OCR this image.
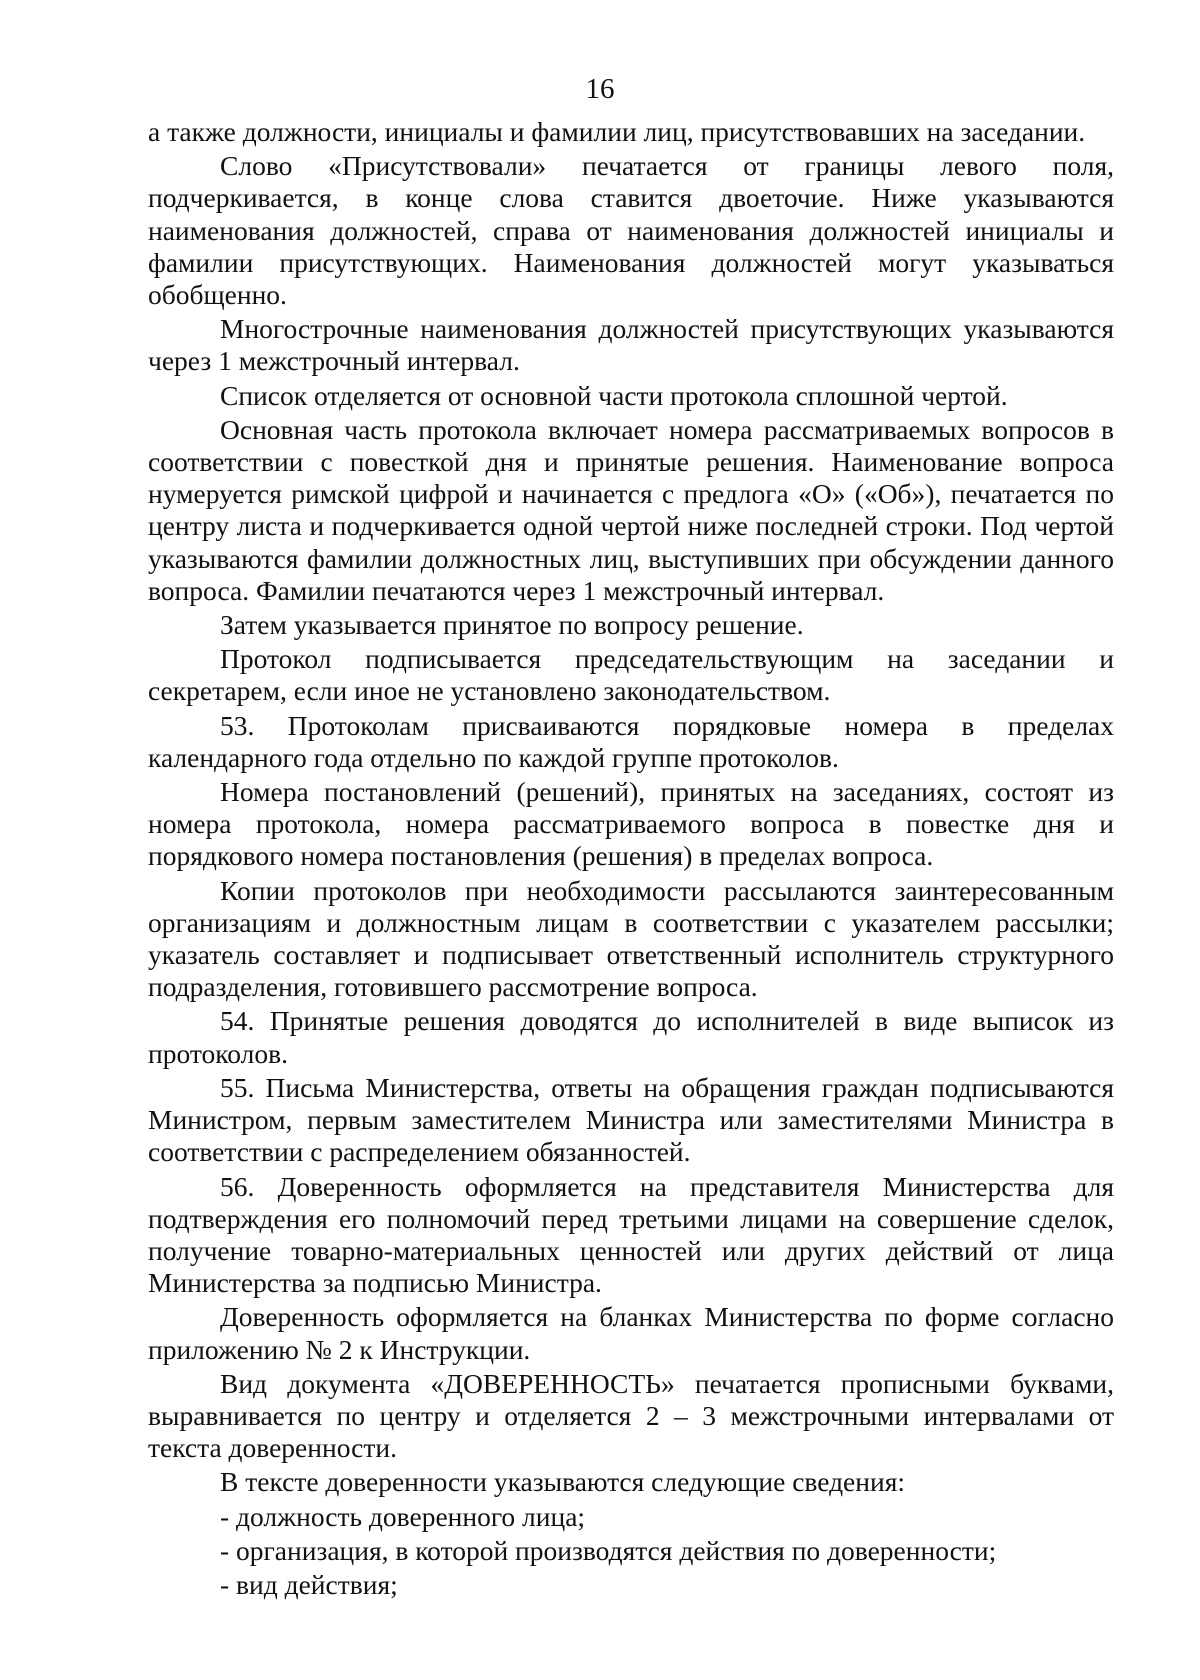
16

а также должности, инициалы и фамилии лиц, присутствовавших на заседании.

Слово «Присутствовали» печатается от границы левого поля, подчеркивается, в конце слова ставится двоеточие. Ниже указываются наименования должностей, справа от наименования должностей инициалы и фамилии присутствующих. Наименования должностей могут указываться обобщенно.

Многострочные наименования должностей присутствующих указываются через 1 межстрочный интервал.

Список отделяется от основной части протокола сплошной чертой.

Основная часть протокола включает номера рассматриваемых вопросов в соответствии с повесткой дня и принятые решения. Наименование вопроса нумеруется римской цифрой и начинается с предлога «О» («Об»), печатается по центру листа и подчеркивается одной чертой ниже последней строки. Под чертой указываются фамилии должностных лиц, выступивших при обсуждении данного вопроса. Фамилии печатаются через 1 межстрочный интервал.

Затем указывается принятое по вопросу решение.

Протокол подписывается председательствующим на заседании и секретарем, если иное не установлено законодательством.

53. Протоколам присваиваются порядковые номера в пределах календарного года отдельно по каждой группе протоколов.

Номера постановлений (решений), принятых на заседаниях, состоят из номера протокола, номера рассматриваемого вопроса в повестке дня и порядкового номера постановления (решения) в пределах вопроса.

Копии протоколов при необходимости рассылаются заинтересованным организациям и должностным лицам в соответствии с указателем рассылки; указатель составляет и подписывает ответственный исполнитель структурного подразделения, готовившего рассмотрение вопроса.

54. Принятые решения доводятся до исполнителей в виде выписок из протоколов.

55. Письма Министерства, ответы на обращения граждан подписываются Министром, первым заместителем Министра или заместителями Министра в соответствии с распределением обязанностей.

56. Доверенность оформляется на представителя Министерства для подтверждения его полномочий перед третьими лицами на совершение сделок, получение товарно-материальных ценностей или других действий от лица Министерства за подписью Министра.

Доверенность оформляется на бланках Министерства по форме согласно приложению № 2 к Инструкции.

Вид документа «ДОВЕРЕННОСТЬ» печатается прописными буквами, выравнивается по центру и отделяется 2 – 3 межстрочными интервалами от текста доверенности.

В тексте доверенности указываются следующие сведения:

- должность доверенного лица;

- организация, в которой производятся действия по доверенности;

- вид действия;
